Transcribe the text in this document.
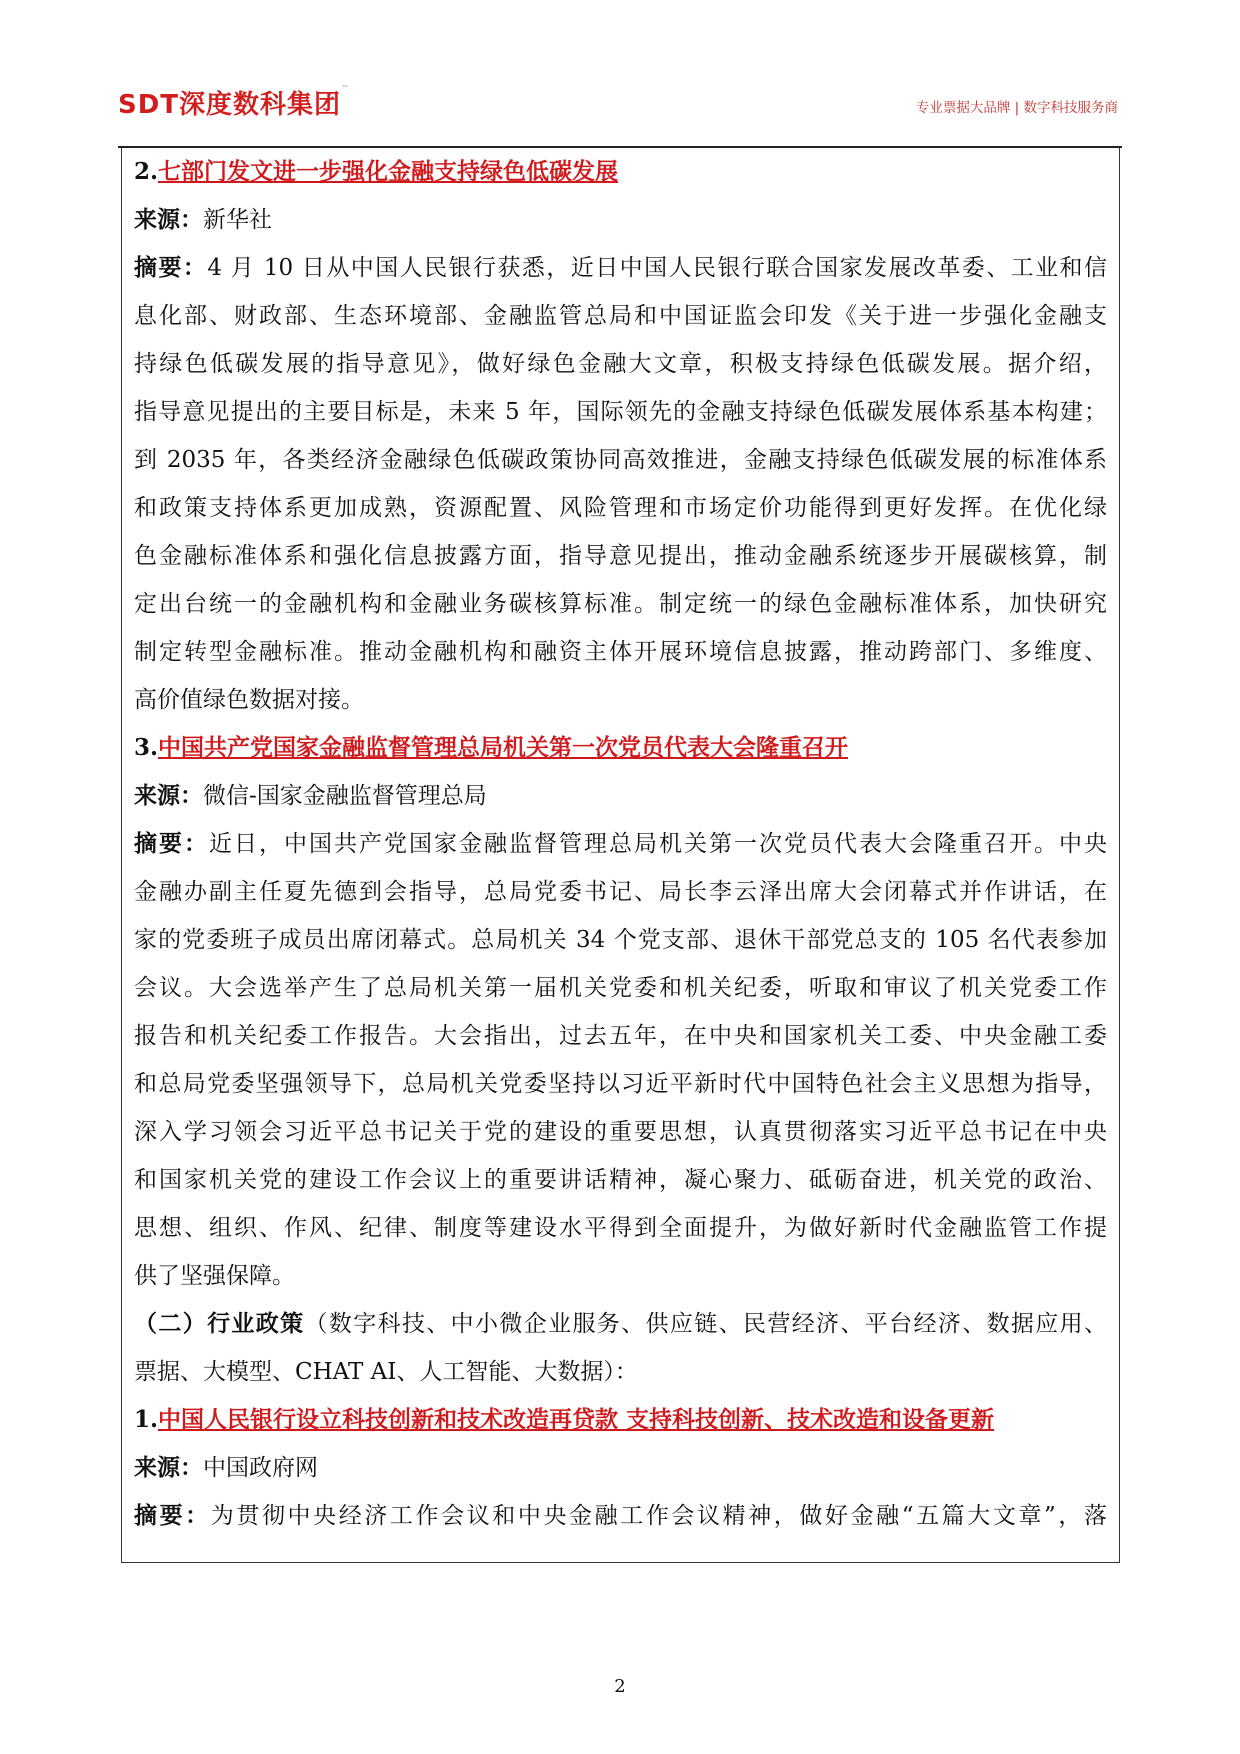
SDT深度数科集团™
专业票据大品牌 | 数字科技服务商
2.七部门发文进一步强化金融支持绿色低碳发展
来源：新华社
摘要：4 月 10 日从中国人民银行获悉，近日中国人民银行联合国家发展改革委、工业和信
息化部、财政部、生态环境部、金融监管总局和中国证监会印发《关于进一步强化金融支
持绿色低碳发展的指导意见》，做好绿色金融大文章，积极支持绿色低碳发展。据介绍，
指导意见提出的主要目标是，未来 5 年，国际领先的金融支持绿色低碳发展体系基本构建；
到 2035 年，各类经济金融绿色低碳政策协同高效推进，金融支持绿色低碳发展的标准体系
和政策支持体系更加成熟，资源配置、风险管理和市场定价功能得到更好发挥。在优化绿
色金融标准体系和强化信息披露方面，指导意见提出，推动金融系统逐步开展碳核算，制
定出台统一的金融机构和金融业务碳核算标准。制定统一的绿色金融标准体系，加快研究
制定转型金融标准。推动金融机构和融资主体开展环境信息披露，推动跨部门、多维度、
高价值绿色数据对接。
3.中国共产党国家金融监督管理总局机关第一次党员代表大会隆重召开
来源：微信-国家金融监督管理总局
摘要：近日，中国共产党国家金融监督管理总局机关第一次党员代表大会隆重召开。中央
金融办副主任夏先德到会指导，总局党委书记、局长李云泽出席大会闭幕式并作讲话，在
家的党委班子成员出席闭幕式。总局机关 34 个党支部、退休干部党总支的 105 名代表参加
会议。大会选举产生了总局机关第一届机关党委和机关纪委，听取和审议了机关党委工作
报告和机关纪委工作报告。大会指出，过去五年，在中央和国家机关工委、中央金融工委
和总局党委坚强领导下，总局机关党委坚持以习近平新时代中国特色社会主义思想为指导，
深入学习领会习近平总书记关于党的建设的重要思想，认真贯彻落实习近平总书记在中央
和国家机关党的建设工作会议上的重要讲话精神，凝心聚力、砥砺奋进，机关党的政治、
思想、组织、作风、纪律、制度等建设水平得到全面提升，为做好新时代金融监管工作提
供了坚强保障。
（二）行业政策（数字科技、中小微企业服务、供应链、民营经济、平台经济、数据应用、
票据、大模型、CHAT AI、人工智能、大数据）：
1.中国人民银行设立科技创新和技术改造再贷款 支持科技创新、技术改造和设备更新
来源：中国政府网
摘要：为贯彻中央经济工作会议和中央金融工作会议精神，做好金融“五篇大文章”，落
2
